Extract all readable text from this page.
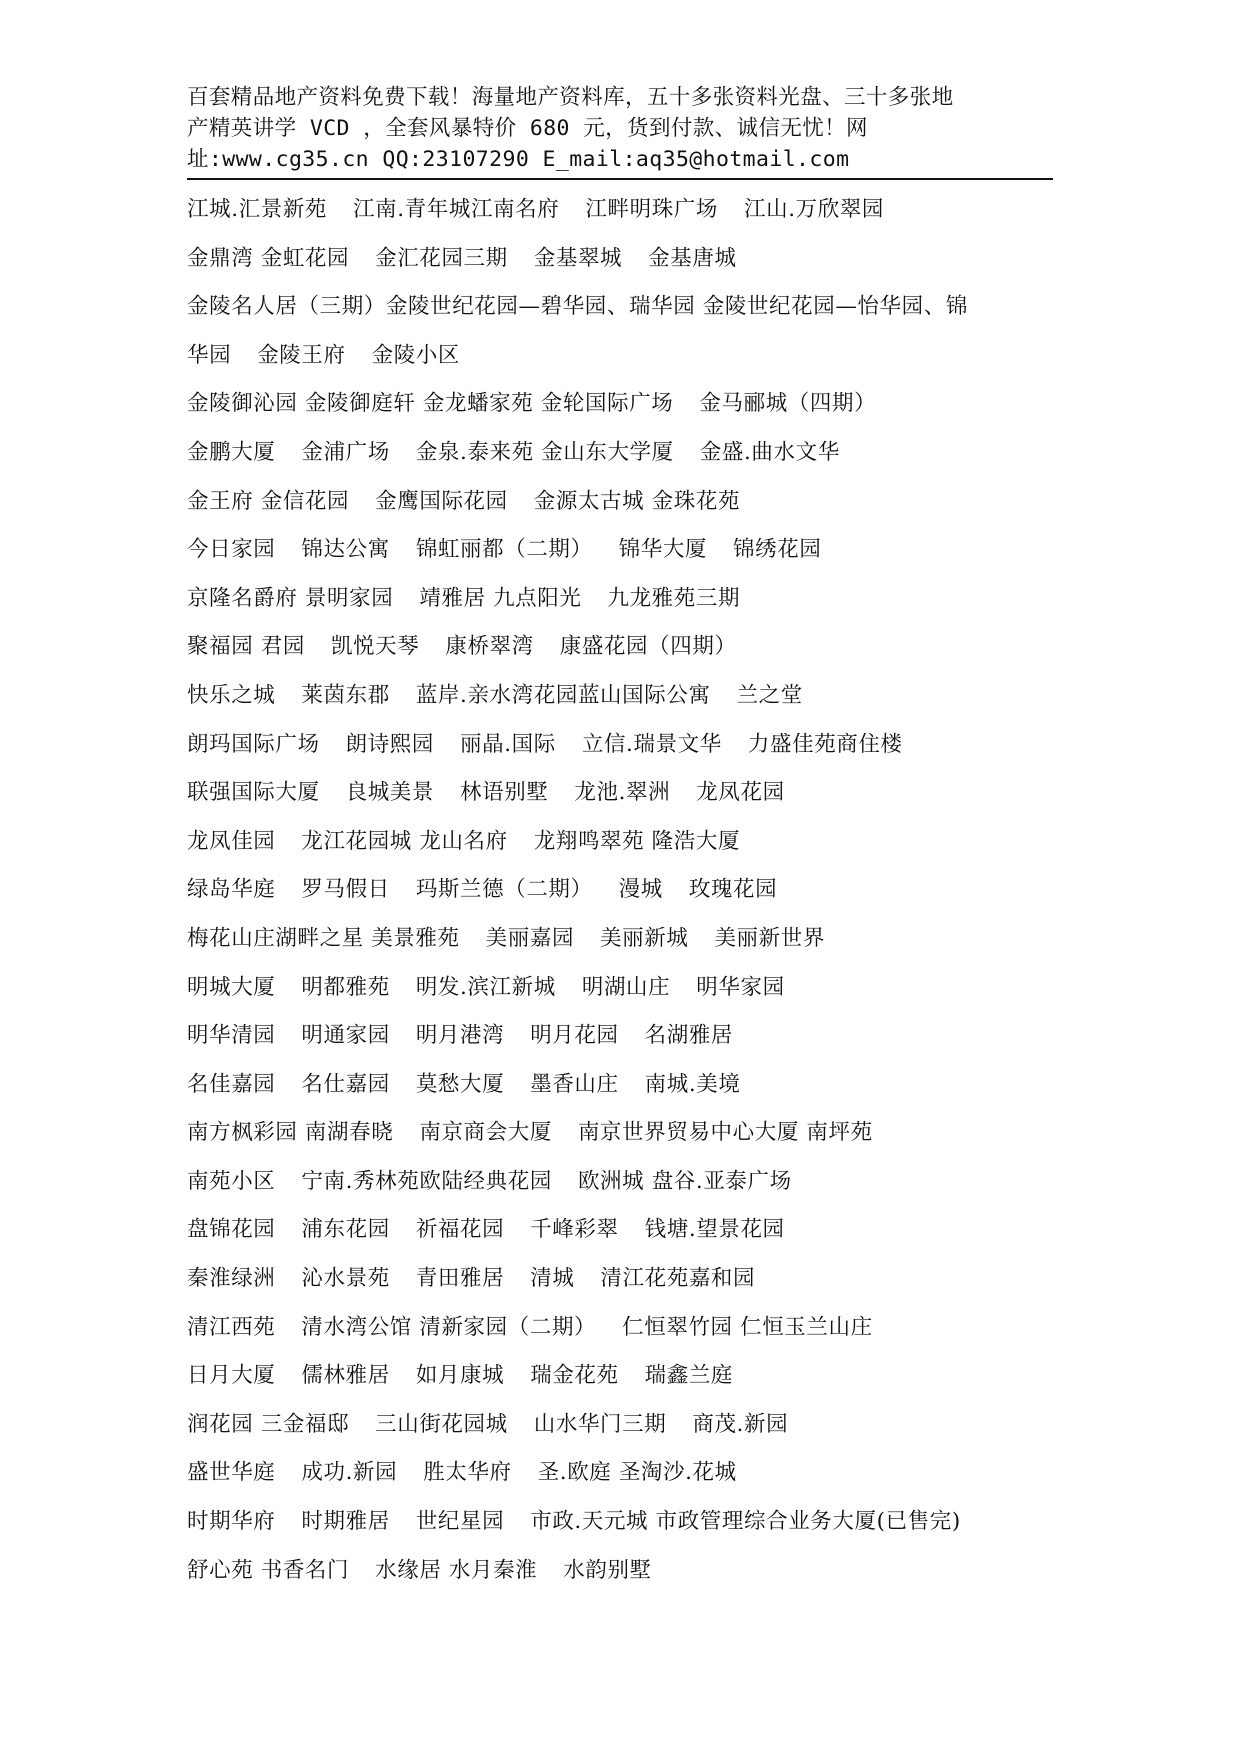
百套精品地产资料免费下载！海量地产资料库，五十多张资料光盘、三十多张地
产精英讲学 VCD ，全套风暴特价 680 元，货到付款、诚信无忧！网
址:www.cg35.cn QQ:23107290 E_mail:aq35@hotmail.com
江城.汇景新苑 江南.青年城江南名府 江畔明珠广场 江山.万欣翠园
金鼎湾 金虹花园 金汇花园三期 金基翠城 金基唐城
金陵名人居（三期）金陵世纪花园—碧华园、瑞华园 金陵世纪花园—怡华园、锦
华园 金陵王府 金陵小区
金陵御沁园 金陵御庭轩 金龙蟠家苑 金轮国际广场 金马郦城（四期）
金鹏大厦 金浦广场 金泉.泰来苑 金山东大学厦 金盛.曲水文华
金王府 金信花园 金鹰国际花园 金源太古城 金珠花苑
今日家园 锦达公寓 锦虹丽都（二期） 锦华大厦 锦绣花园
京隆名爵府 景明家园 靖雅居 九点阳光 九龙雅苑三期
聚福园 君园 凯悦天琴 康桥翠湾 康盛花园（四期）
快乐之城 莱茵东郡 蓝岸.亲水湾花园蓝山国际公寓 兰之堂
朗玛国际广场 朗诗熙园 丽晶.国际 立信.瑞景文华 力盛佳苑商住楼
联强国际大厦 良城美景 林语别墅 龙池.翠洲 龙凤花园
龙凤佳园 龙江花园城 龙山名府 龙翔鸣翠苑 隆浩大厦
绿岛华庭 罗马假日 玛斯兰德（二期） 漫城 玫瑰花园
梅花山庄湖畔之星 美景雅苑 美丽嘉园 美丽新城 美丽新世界
明城大厦 明都雅苑 明发.滨江新城 明湖山庄 明华家园
明华清园 明通家园 明月港湾 明月花园 名湖雅居
名佳嘉园 名仕嘉园 莫愁大厦 墨香山庄 南城.美境
南方枫彩园 南湖春晓 南京商会大厦 南京世界贸易中心大厦 南坪苑
南苑小区 宁南.秀林苑欧陆经典花园 欧洲城 盘谷.亚泰广场
盘锦花园 浦东花园 祈福花园 千峰彩翠 钱塘.望景花园
秦淮绿洲 沁水景苑 青田雅居 清城 清江花苑嘉和园
清江西苑 清水湾公馆 清新家园（二期） 仁恒翠竹园 仁恒玉兰山庄
日月大厦 儒林雅居 如月康城 瑞金花苑 瑞鑫兰庭
润花园 三金福邸 三山街花园城 山水华门三期 商茂.新园
盛世华庭 成功.新园 胜太华府 圣.欧庭 圣淘沙.花城
时期华府 时期雅居 世纪星园 市政.天元城 市政管理综合业务大厦(已售完)
舒心苑 书香名门 水缘居 水月秦淮 水韵别墅
